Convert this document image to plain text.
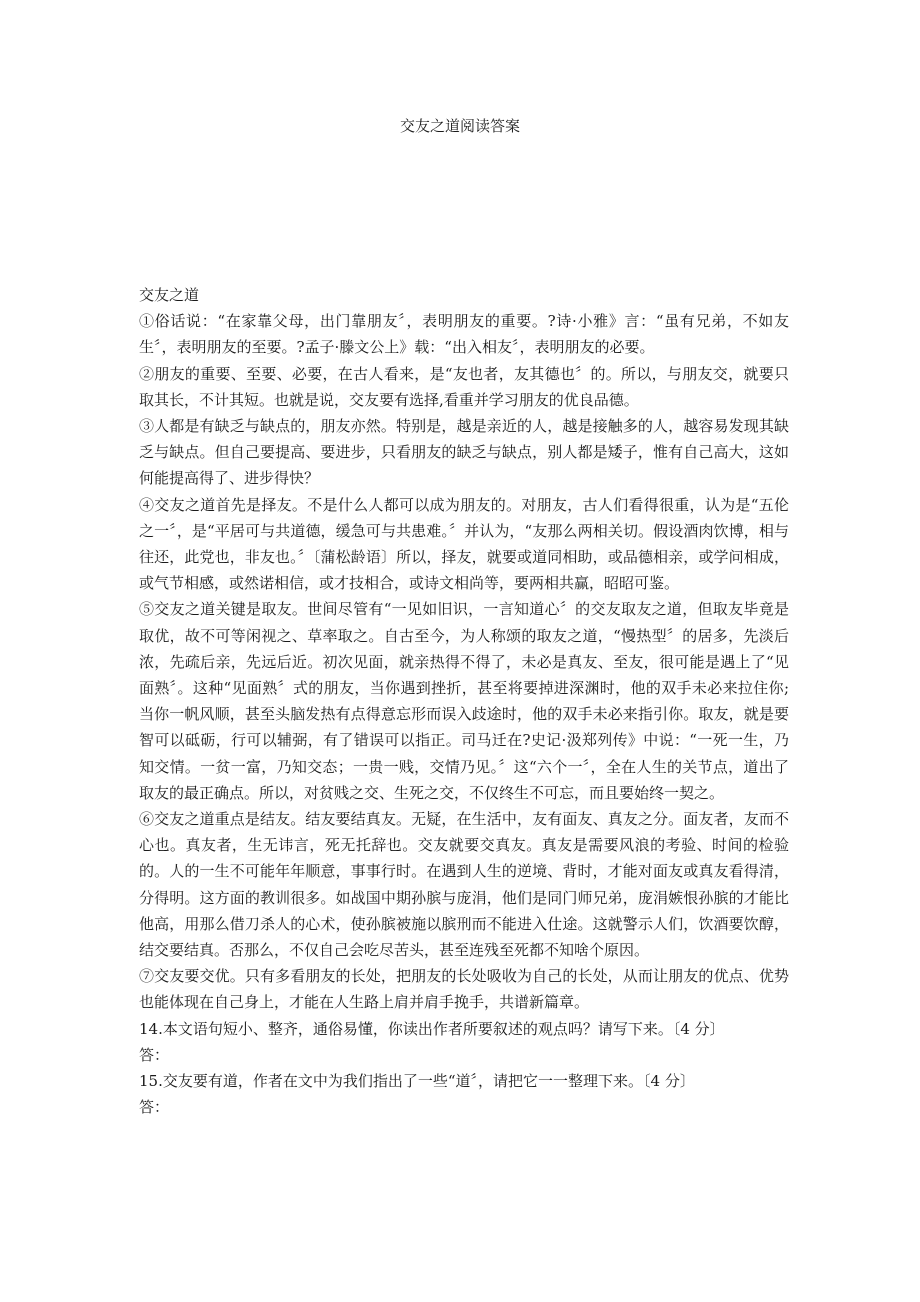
交友之道阅读答案

交友之道

①俗话说：“在家靠父母，出门靠朋友〞，表明朋友的重要。?诗·小雅》言：“虽有兄弟，不如友生〞，表明朋友的至要。?孟子·滕文公上》载：“出入相友〞，表明朋友的必要。

②朋友的重要、至要、必要，在古人看来，是“友也者，友其德也〞的。所以，与朋友交，就要只取其长，不计其短。也就是说，交友要有选择,看重并学习朋友的优良品德。

③人都是有缺乏与缺点的，朋友亦然。特别是，越是亲近的人，越是接触多的人，越容易发现其缺乏与缺点。但自己要提高、要进步，只看朋友的缺乏与缺点，别人都是矮子，惟有自己高大，这如何能提高得了、进步得快？

④交友之道首先是择友。不是什么人都可以成为朋友的。对朋友，古人们看得很重，认为是“五伦之一〞，是“平居可与共道德，缓急可与共患难。〞并认为，“友那么两相关切。假设酒肉饮博，相与往还，此党也，非友也。〞〔蒲松龄语〕所以，择友，就要或道同相助，或品德相亲，或学问相成，或气节相感，或然诺相信，或才技相合，或诗文相尚等，要两相共赢，昭昭可鉴。

⑤交友之道关键是取友。世间尽管有“一见如旧识，一言知道心〞的交友取友之道，但取友毕竟是取优，故不可等闲视之、草率取之。自古至今，为人称颂的取友之道，“慢热型〞的居多，先淡后浓，先疏后亲，先远后近。初次见面，就亲热得不得了，未必是真友、至友，很可能是遇上了“见面熟〞。这种“见面熟〞式的朋友，当你遇到挫折，甚至将要掉进深渊时，他的双手未必来拉住你;当你一帆风顺，甚至头脑发热有点得意忘形而误入歧途时，他的双手未必来指引你。取友，就是要智可以砥砺，行可以辅弼，有了错误可以指正。司马迁在?史记·汲郑列传》中说：“一死一生，乃知交情。一贫一富，乃知交态；一贵一贱，交情乃见。〞这“六个一〞，全在人生的关节点，道出了取友的最正确点。所以，对贫贱之交、生死之交，不仅终生不可忘，而且要始终一契之。

⑥交友之道重点是结友。结友要结真友。无疑，在生活中，友有面友、真友之分。面友者，友而不心也。真友者，生无讳言，死无托辞也。交友就要交真友。真友是需要风浪的考验、时间的检验的。人的一生不可能年年顺意，事事行时。在遇到人生的逆境、背时，才能对面友或真友看得清，分得明。这方面的教训很多。如战国中期孙膑与庞涓，他们是同门师兄弟，庞涓嫉恨孙膑的才能比他高，用那么借刀杀人的心术，使孙膑被施以膑刑而不能进入仕途。这就警示人们，饮酒要饮醇，结交要结真。否那么，不仅自己会吃尽苦头，甚至连残至死都不知啥个原因。

⑦交友要交优。只有多看朋友的长处，把朋友的长处吸收为自己的长处，从而让朋友的优点、优势也能体现在自己身上，才能在人生路上肩并肩手挽手，共谱新篇章。

14.本文语句短小、整齐，通俗易懂，你读出作者所要叙述的观点吗？请写下来。〔4 分〕

答：

15.交友要有道，作者在文中为我们指出了一些“道〞，请把它一一整理下来。〔4 分〕

答：
